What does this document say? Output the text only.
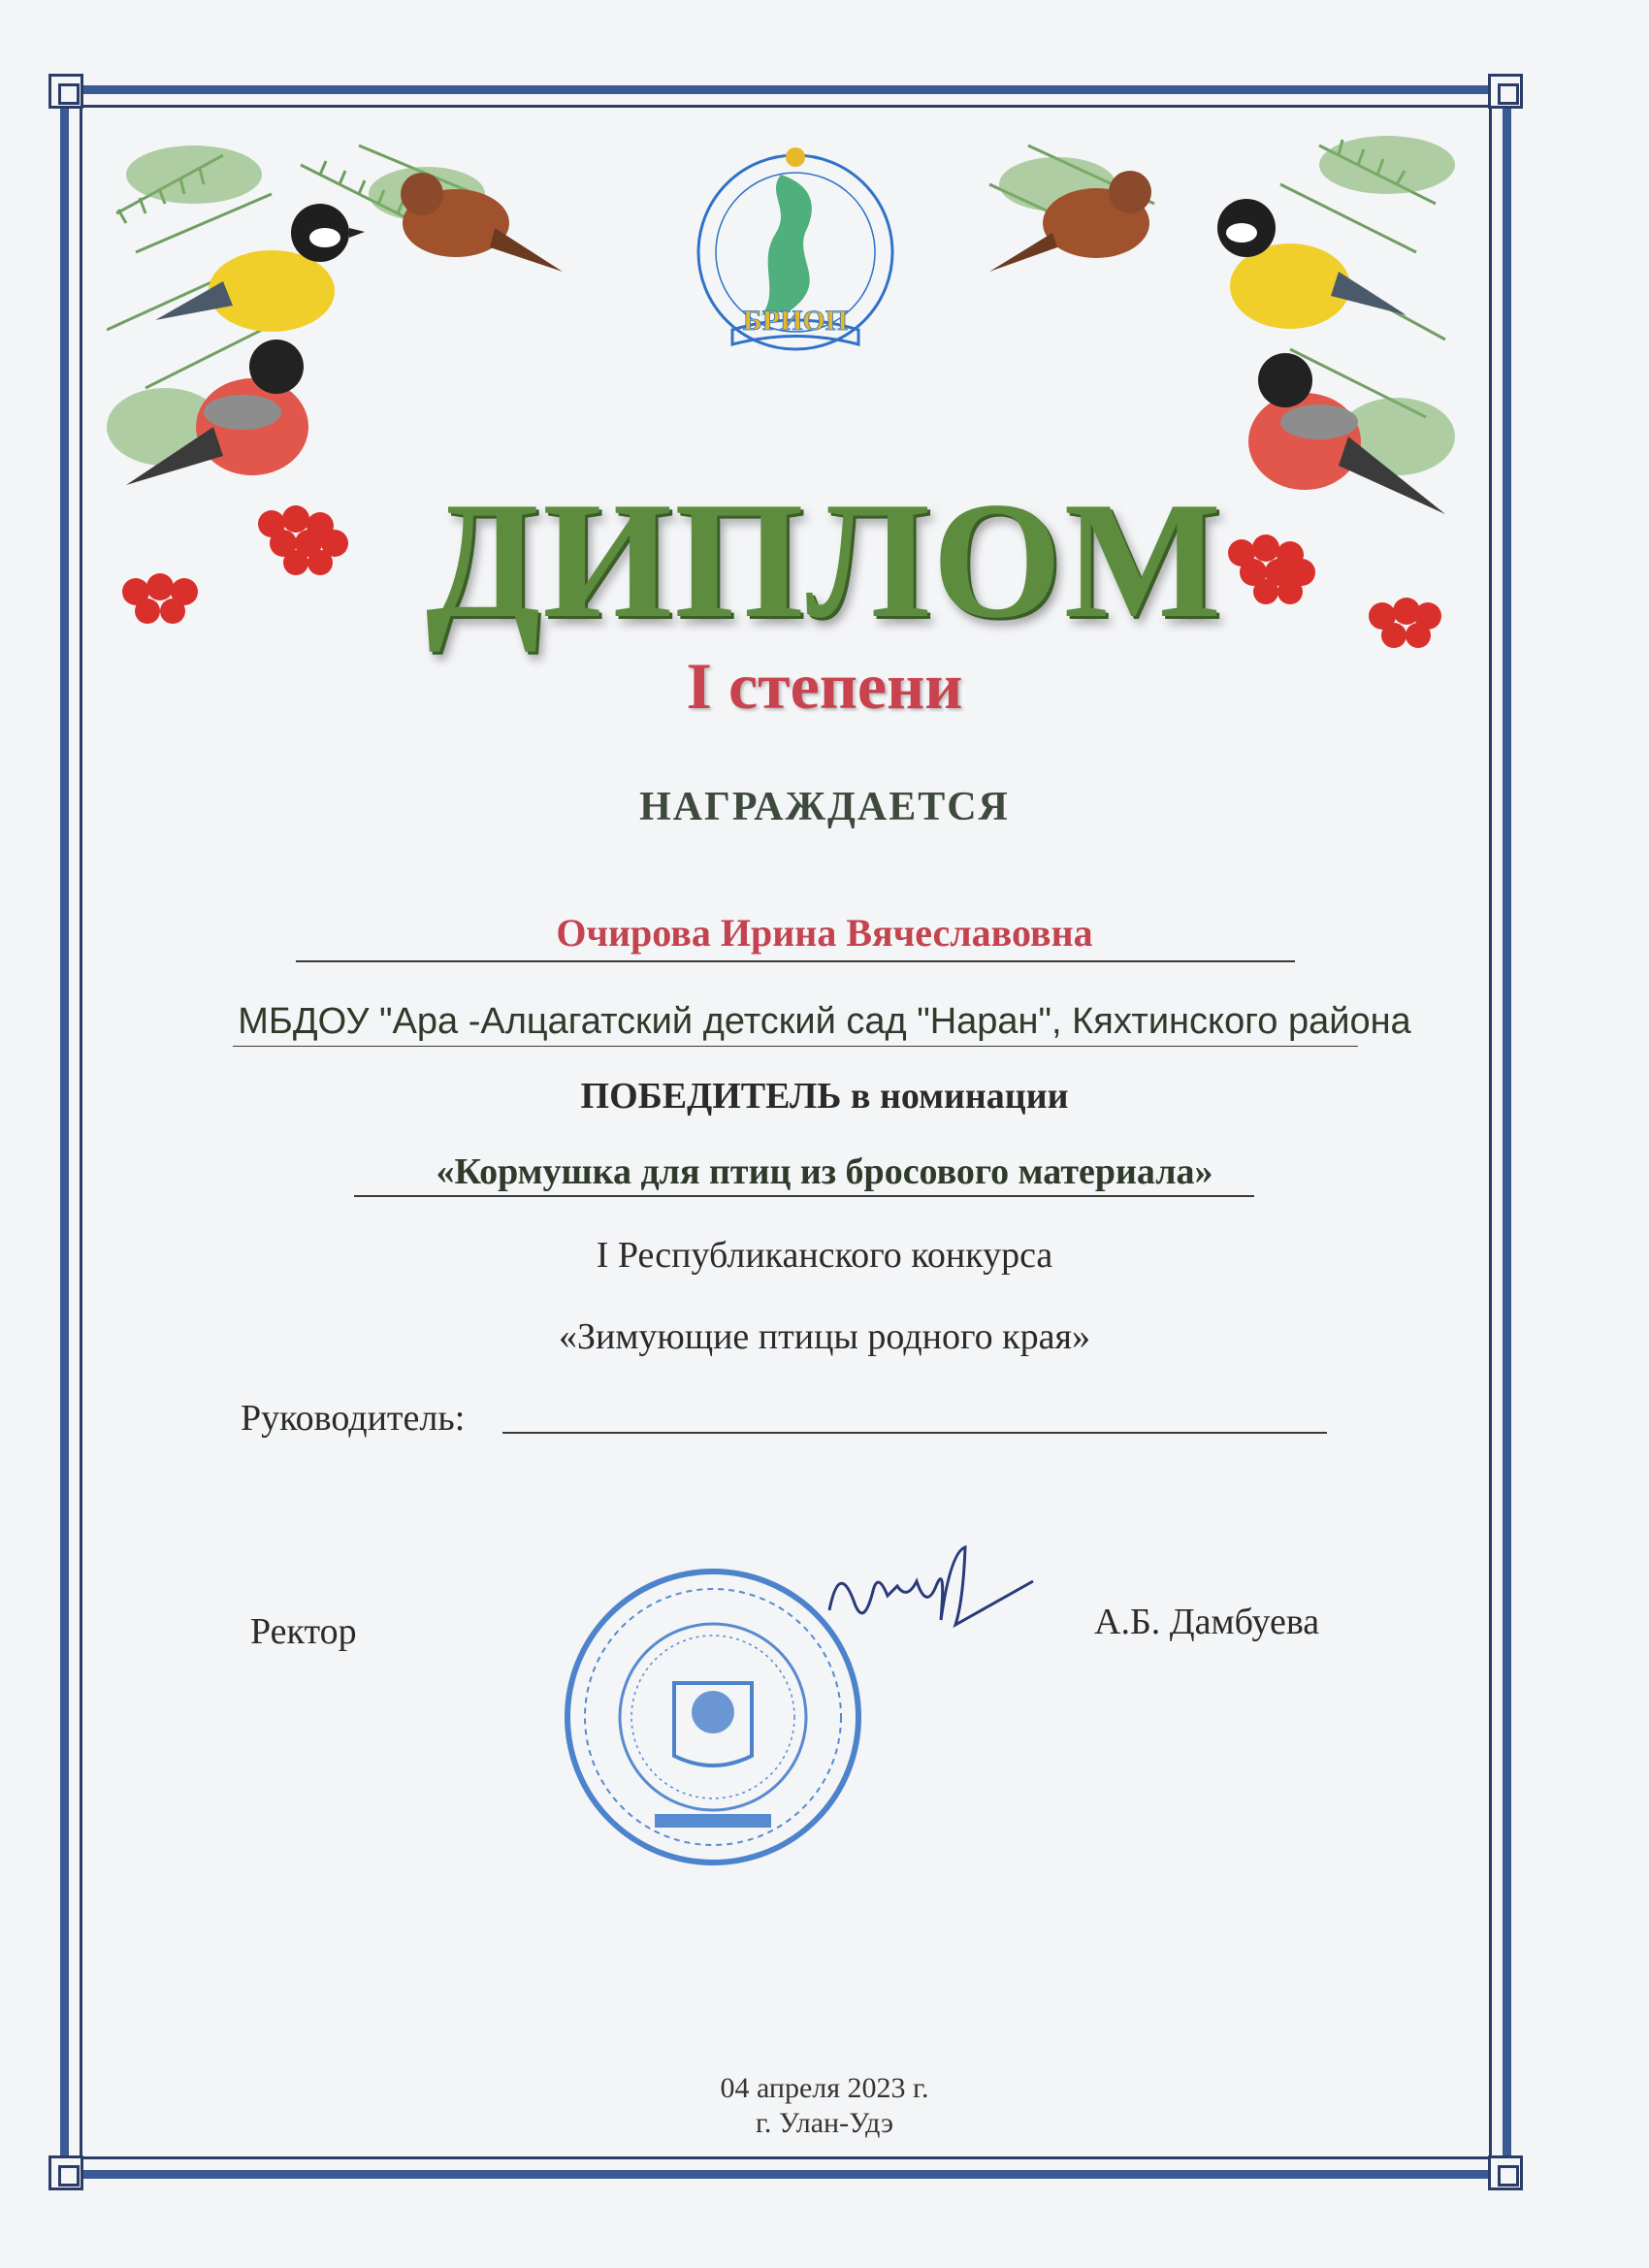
БРИОП
ДИПЛОМ
I степени
НАГРАЖДАЕТСЯ
Очирова Ирина Вячеславовна
МБДОУ "Ара -Алцагатский детский сад "Наран", Кяхтинского района
ПОБЕДИТЕЛЬ в номинации
«Кормушка для птиц из бросового материала»
I Республиканского конкурса
«Зимующие птицы родного края»
Руководитель:
Ректор	А.Б. Дамбуева
04 апреля 2023 г.
г. Улан-Удэ
